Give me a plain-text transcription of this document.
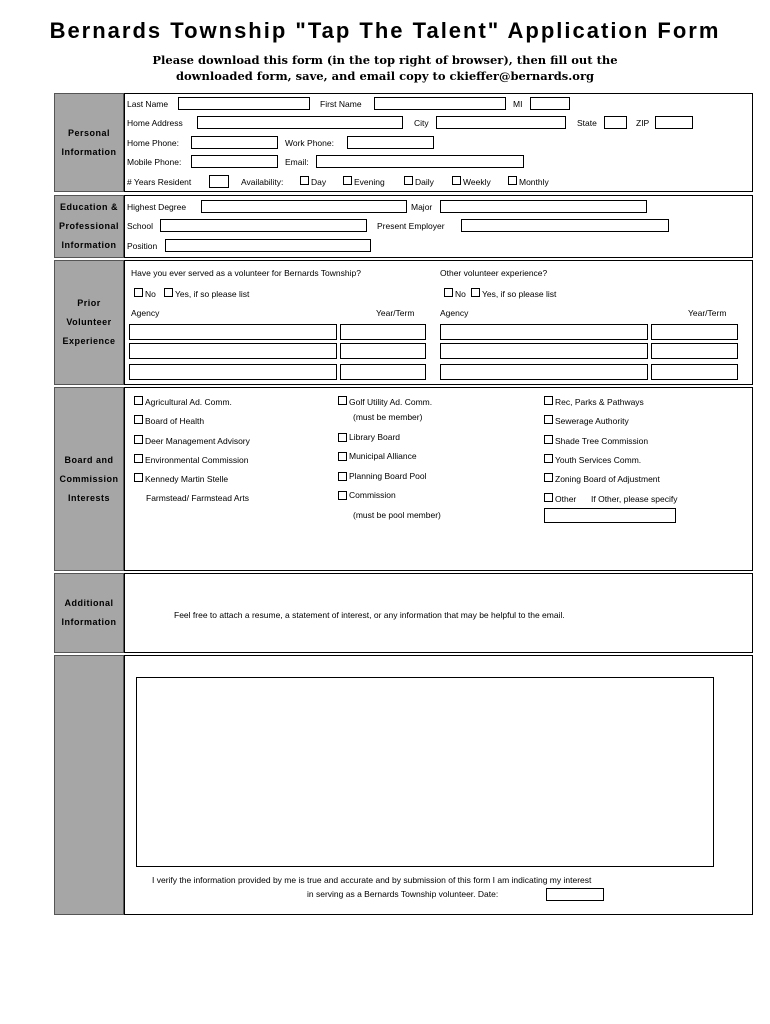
Bernards Township "Tap The Talent" Application Form
Please download this form (in the top right of browser), then fill out the
downloaded form, save, and email copy to ckieffer@bernards.org
Personal
Information
Last Name	First Name	MI
Home Address	City	State	ZIP
Home Phone:	Work Phone:
Mobile Phone:	Email:
# Years Resident	Availability:	Day	Evening	Daily	Weekly	Monthly
Education &
Professional
Information
Highest Degree	Major
School	Present Employer
Position
Prior
Volunteer
Experience
Have you ever served as a volunteer for Bernards Township?	Other volunteer experience?
No Yes, if so please list	No Yes, if so please list
Agency	Year/Term	Agency	Year/Term
Board and
Commission
Interests
Agricultural Ad. Comm.
Board of Health
Deer Management Advisory
Environmental Commission
Kennedy Martin Stelle
Farmstead/ Farmstead Arts
Golf Utility Ad. Comm.
(must be member)
Library Board
Municipal Alliance
Planning Board Pool
Commission
(must be pool member)
Rec, Parks & Pathways
Sewerage Authority
Shade Tree Commission
Youth Services Comm.
Zoning Board of Adjustment
Other If Other, please specify
Additional
Information
Feel free to attach a resume, a statement of interest, or any information that may be helpful to the email.
I verify the information provided by me is true and accurate and by submission of this form I am indicating my interest
in serving as a Bernards Township volunteer. Date:
